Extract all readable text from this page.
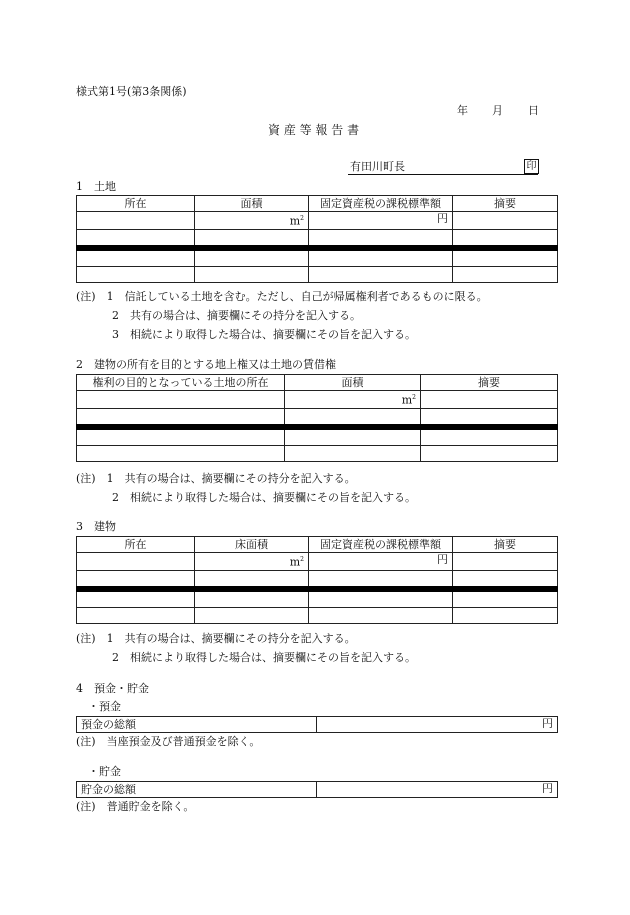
様式第1号(第3条関係)
年 月 日
資 産 等 報 告 書
有田川町長	印
1　土地
所在	面積	固定資産税の課税標準額	摘要
	$m^2$	円	

(注)　1　信託している土地を含む。ただし、自己が帰属権利者であるものに限る。
2　共有の場合は、摘要欄にその持分を記入する。
3　相続により取得した場合は、摘要欄にその旨を記入する。
2　建物の所有を目的とする地上権又は土地の賃借権
権利の目的となっている土地の所在	面積	摘要
	$m^2$	

(注)　1　共有の場合は、摘要欄にその持分を記入する。
2　相続により取得した場合は、摘要欄にその旨を記入する。
3　建物
所在	床面積	固定資産税の課税標準額	摘要
	$m^2$	円	

(注)　1　共有の場合は、摘要欄にその持分を記入する。
2　相続により取得した場合は、摘要欄にその旨を記入する。
4　預金・貯金
・預金
預金の総額	円
(注)　当座預金及び普通預金を除く。
・貯金
貯金の総額	円
(注)　普通貯金を除く。
